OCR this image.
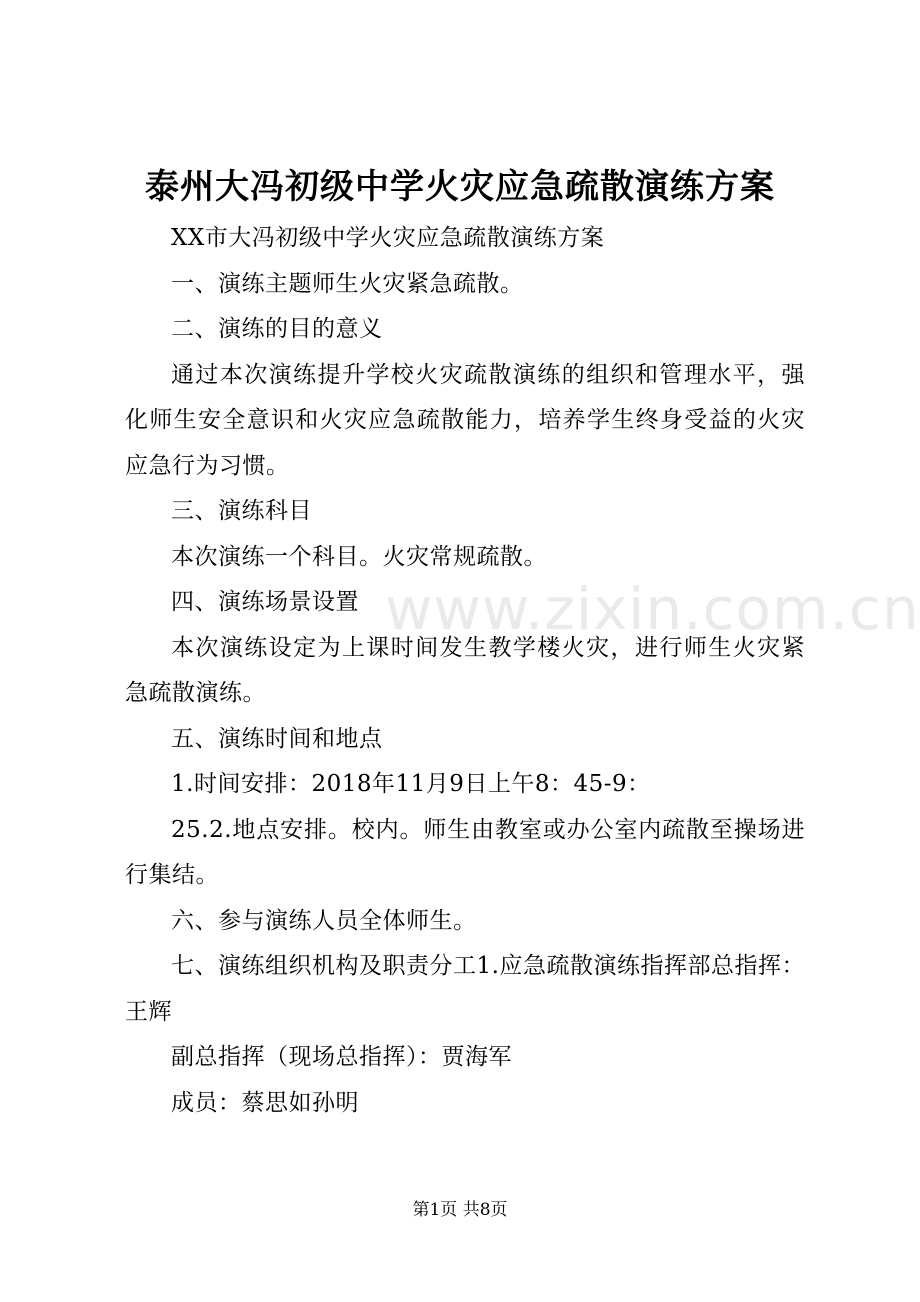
泰州大冯初级中学火灾应急疏散演练方案

XX市大冯初级中学火灾应急疏散演练方案

一、演练主题师生火灾紧急疏散。

二、演练的目的意义

通过本次演练提升学校火灾疏散演练的组织和管理水平，强化师生安全意识和火灾应急疏散能力，培养学生终身受益的火灾应急行为习惯。

三、演练科目

本次演练一个科目。火灾常规疏散。

四、演练场景设置

本次演练设定为上课时间发生教学楼火灾，进行师生火灾紧急疏散演练。

五、演练时间和地点

1.时间安排：2018年11月9日上午8：45-9：

25.2.地点安排。校内。师生由教室或办公室内疏散至操场进行集结。

六、参与演练人员全体师生。

七、演练组织机构及职责分工1.应急疏散演练指挥部总指挥：王辉

副总指挥（现场总指挥）：贾海军

成员：蔡思如孙明

www.zixin.com.cn
第1页 共8页
